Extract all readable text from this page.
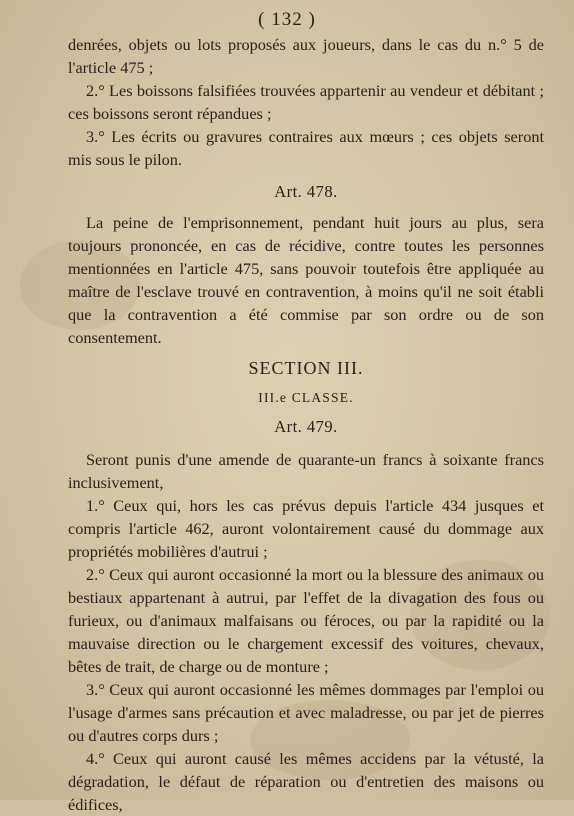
( 132 )

denrées, objets ou lots proposés aux joueurs, dans le cas du n.° 5 de l'article 475 ;

2.° Les boissons falsifiées trouvées appartenir au vendeur et débitant ; ces boissons seront répandues ;

3.° Les écrits ou gravures contraires aux mœurs ; ces objets seront mis sous le pilon.

Art. 478.

La peine de l'emprisonnement, pendant huit jours au plus, sera toujours prononcée, en cas de récidive, contre toutes les personnes mentionnées en l'article 475, sans pouvoir toutefois être appliquée au maître de l'esclave trouvé en contravention, à moins qu'il ne soit établi que la contravention a été commise par son ordre ou de son consentement.

SECTION III.
III.e CLASSE.
Art. 479.

Seront punis d'une amende de quarante-un francs à soixante francs inclusivement,

1.° Ceux qui, hors les cas prévus depuis l'article 434 jusques et compris l'article 462, auront volontairement causé du dommage aux propriétés mobilières d'autrui ;

2.° Ceux qui auront occasionné la mort ou la blessure des animaux ou bestiaux appartenant à autrui, par l'effet de la divagation des fous ou furieux, ou d'animaux malfaisans ou féroces, ou par la rapidité ou la mauvaise direction ou le chargement excessif des voitures, chevaux, bêtes de trait, de charge ou de monture ;

3.° Ceux qui auront occasionné les mêmes dommages par l'emploi ou l'usage d'armes sans précaution et avec maladresse, ou par jet de pierres ou d'autres corps durs ;

4.° Ceux qui auront causé les mêmes accidens par la vétusté, la dégradation, le défaut de réparation ou d'entretien des maisons ou édifices,
